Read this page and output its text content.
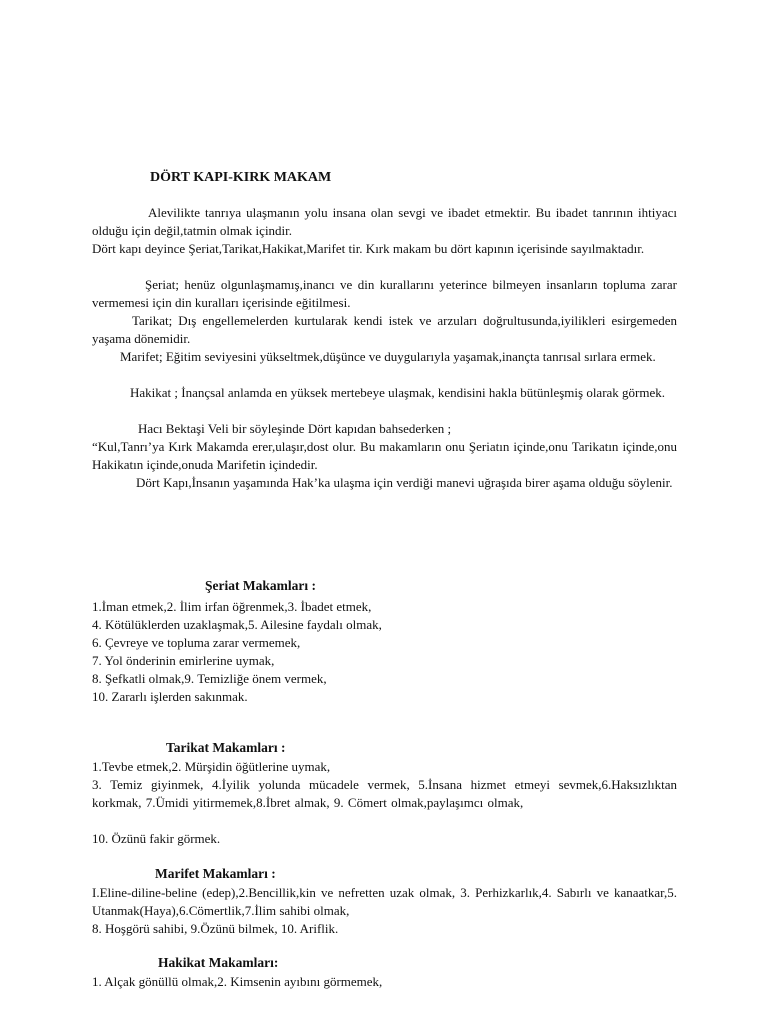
DÖRT KAPI-KIRK MAKAM
Alevilikte tanrıya ulaşmanın yolu insana olan sevgi ve ibadet etmektir. Bu ibadet tanrının ihtiyacı olduğu için değil,tatmin olmak içindir.
Dört kapı deyince Şeriat,Tarikat,Hakikat,Marifet tir. Kırk makam bu dört kapının içerisinde sayılmaktadır.
Şeriat; henüz olgunlaşmamış,inancı ve din kurallarını yeterince bilmeyen insanların topluma zarar vermemesi için din kuralları içerisinde eğitilmesi.
Tarikat; Dış engellemelerden kurtularak kendi istek ve arzuları doğrultusunda,iyilikleri esirgemeden yaşama dönemidir.
Marifet; Eğitim seviyesini yükseltmek,düşünce ve duygularıyla yaşamak,inançta tanrısal sırlara ermek.
Hakikat ; İnançsal anlamda en yüksek mertebeye ulaşmak, kendisini hakla bütünleşmiş olarak görmek.
Hacı Bektaşi Veli bir söyleşinde Dört kapıdan bahsederken ;
“Kul,Tanrı’ya Kırk Makamda erer,ulaşır,dost olur. Bu makamların onu Şeriatın içinde,onu Tarikatın içinde,onu Hakikatın içinde,onuda Marifetin içindedir.
Dört Kapı,İnsanın yaşamında Hak’ka ulaşma için verdiği manevi uğraşıda birer aşama olduğu söylenir.
Şeriat Makamları :
1.İman etmek,2. İlim irfan öğrenmek,3. İbadet etmek,
4. Kötülüklerden uzaklaşmak,5. Ailesine faydalı olmak,
6. Çevreye ve topluma zarar vermemek,
7. Yol önderinin emirlerine uymak,
8. Şefkatli olmak,9. Temizliğe önem vermek,
10. Zararlı işlerden sakınmak.
Tarikat Makamları :
1.Tevbe etmek,2. Mürşidin öğütlerine uymak,
3. Temiz giyinmek, 4.İyilik yolunda mücadele vermek, 5.İnsana hizmet etmeyi sevmek,6.Haksızlıktan korkmak, 7.Ümidi yitirmemek,8.İbret almak, 9. Cömert olmak,paylaşımcı olmak,
10. Özünü fakir görmek.
Marifet Makamları :
I.Eline-diline-beline (edep),2.Bencillik,kin ve nefretten uzak olmak, 3. Perhizkarlık,4. Sabırlı ve kanaatkar,5. Utanmak(Haya),6.Cömertlik,7.İlim sahibi olmak,
8. Hoşgörü sahibi, 9.Özünü bilmek, 10. Ariflik.
Hakikat Makamları:
1. Alçak gönüllü olmak,2. Kimsenin ayıbını görmemek,
